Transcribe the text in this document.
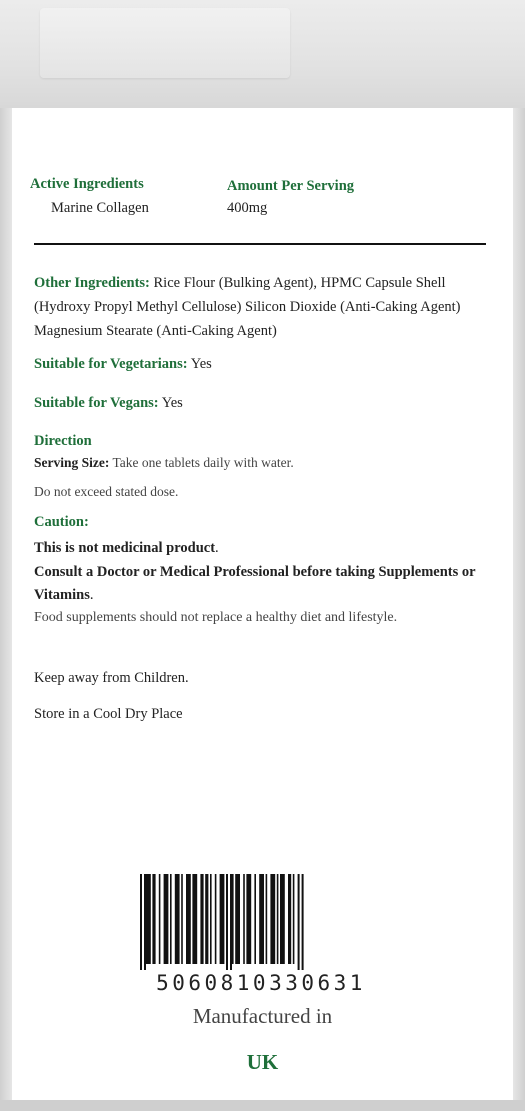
Active Ingredients	Amount Per Serving
Marine Collagen	400mg
Other Ingredients: Rice Flour (Bulking Agent), HPMC Capsule Shell (Hydroxy Propyl Methyl Cellulose) Silicon Dioxide (Anti-Caking Agent) Magnesium Stearate (Anti-Caking Agent)
Suitable for Vegetarians: Yes
Suitable for Vegans: Yes
Direction
Serving Size: Take one tablets daily with water.
Do not exceed stated dose.
Caution:
This is not medicinal product.
Consult a Doctor or Medical Professional before taking Supplements or Vitamins.
Food supplements should not replace a healthy diet and lifestyle.
Keep away from Children.
Store in a Cool Dry Place
5060810330631
Manufactured in
UK
